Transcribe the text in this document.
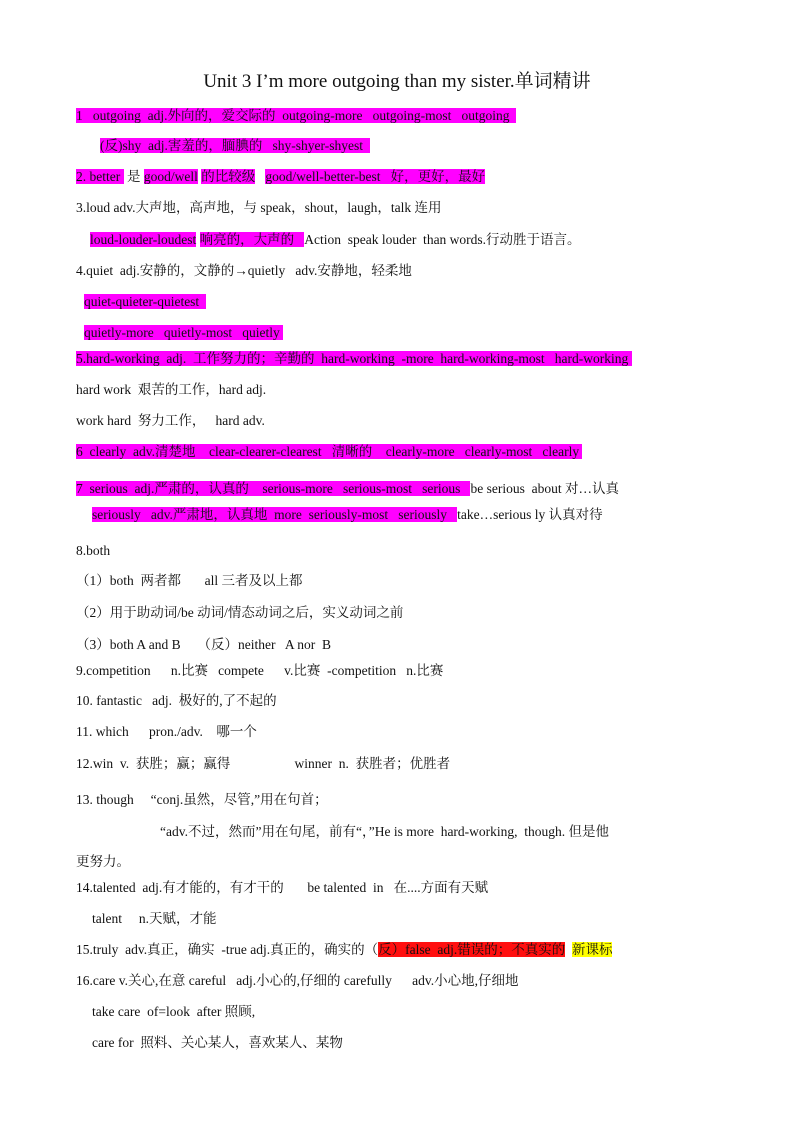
Unit 3 I’m more outgoing than my sister.单词精讲
1   outgoing  adj.外向的，爱交际的  outgoing-more   outgoing-most   outgoing
(反)shy  adj.害羞的，腼腆的   shy-shyer-shyest
2. better  是 good/well 的比较级 good/well-better-best   好，更好，最好
3.loud adv.大声地，高声地，与 speak，shout，laugh，talk 连用
loud-louder-loudest 响亮的，大声的   Action  speak louder  than words.行动胜于语言。
4.quiet  adj.安静的，文静的→quietly   adv.安静地，轻柔地
quiet-quieter-quietest
quietly-more   quietly-most   quietly
5.hard-working  adj.  工作努力的；辛勤的  hard-working  -more  hard-working-most   hard-working
hard work  艰苦的工作，hard adj.
work hard  努力工作，   hard adv.
6  clearly  adv.清楚地    clear-clearer-clearest   清晰的    clearly-more   clearly-most   clearly
7  serious  adj.严肃的，认真的    serious-more   serious-most   serious   be serious  about 对…认真
seriously   adv.严肃地，认真地  more  seriously-most   seriously   take…serious ly 认真对待
8.both
（1）both  两者都       all 三者及以上都
（2）用于助动词/be 动词/情态动词之后，实义动词之前
（3）both A and B     （反）neither   A nor  B
9.competition      n.比赛   compete      v.比赛  -competition   n.比赛
10. fantastic   adj.  极好的,了不起的
11. which      pron./adv.    哪一个
12.win  v.  获胜；赢；赢得                   winner  n.  获胜者；优胜者
13. though     “conj.虽然，尽管,”用在句首；
“adv.不过，然而”用在句尾，前有“，”He is more  hard-working,  though. 但是他
更努力。
14.talented  adj.有才能的，有才干的       be talented  in   在....方面有天赋
talent     n.天赋，才能
15.truly  adv.真正，确实  -true adj.真正的，确实的（反）false  adj.错误的；不真实的 新课标
16.care v.关心,在意 careful   adj.小心的,仔细的 carefully      adv.小心地,仔细地
take care  of=look  after 照顾,
care for  照料、关心某人，喜欢某人、某物
